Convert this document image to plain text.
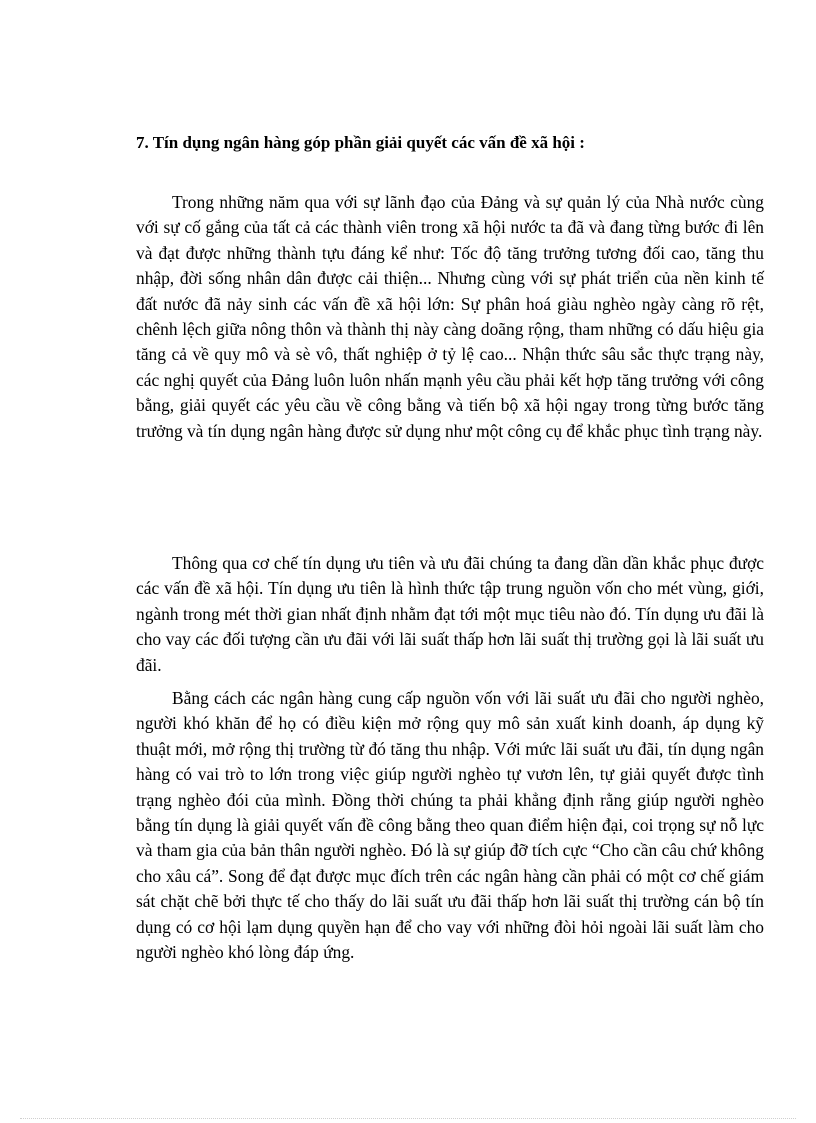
7. Tín dụng ngân hàng góp phần giải quyết các vấn đề xã hội :

Trong những năm qua với sự lãnh đạo của Đảng và sự quản lý của Nhà nước cùng với sự cố gắng của tất cả các thành viên trong xã hội nước ta đã và đang từng bước đi lên và đạt được những thành tựu đáng kể như: Tốc độ tăng trưởng tương đối cao, tăng thu nhập, đời sống nhân dân được cải thiện... Nhưng cùng với sự phát triển của nền kinh tế đất nước đã nảy sinh các vấn đề xã hội lớn: Sự phân hoá giàu nghèo ngày càng rõ rệt, chênh lệch giữa nông thôn và thành thị này càng doãng rộng, tham những có dấu hiệu gia tăng cả về quy mô và sè vô, thất nghiệp ở tỷ lệ cao... Nhận thức sâu sắc thực trạng này, các nghị quyết của Đảng luôn luôn nhấn mạnh yêu cầu phải kết hợp tăng trưởng với công bằng, giải quyết các yêu cầu về công bằng và tiến bộ xã hội ngay trong từng bước tăng trưởng và tín dụng ngân hàng được sử dụng như một công cụ để khắc phục tình trạng này.

Thông qua cơ chế tín dụng ưu tiên và ưu đãi chúng ta đang dần dần khắc phục được các vấn đề xã hội. Tín dụng ưu tiên là hình thức tập trung nguồn vốn cho mét vùng, giới, ngành trong mét thời gian nhất định nhằm đạt tới một mục tiêu nào đó. Tín dụng ưu đãi là cho vay các đối tượng cần ưu đãi với lãi suất thấp hơn lãi suất thị trường gọi là lãi suất ưu đãi.

Bằng cách các ngân hàng cung cấp nguồn vốn với lãi suất ưu đãi cho người nghèo, người khó khăn để họ có điều kiện mở rộng quy mô sản xuất kinh doanh, áp dụng kỹ thuật mới, mở rộng thị trường từ đó tăng thu nhập. Với mức lãi suất ưu đãi, tín dụng ngân hàng có vai trò to lớn trong việc giúp người nghèo tự vươn lên, tự giải quyết được tình trạng nghèo đói của mình. Đồng thời chúng ta phải khẳng định rằng giúp người nghèo bằng tín dụng là giải quyết vấn đề công bằng theo quan điểm hiện đại, coi trọng sự nỗ lực và tham gia của bản thân người nghèo. Đó là sự giúp đỡ tích cực “Cho cần câu chứ không cho xâu cá”. Song để đạt được mục đích trên các ngân hàng cần phải có một cơ chế giám sát chặt chẽ bởi thực tế cho thấy do lãi suất ưu đãi thấp hơn lãi suất thị trường cán bộ tín dụng có cơ hội lạm dụng quyền hạn để cho vay với những đòi hỏi ngoài lãi suất làm cho người nghèo khó lòng đáp ứng.
